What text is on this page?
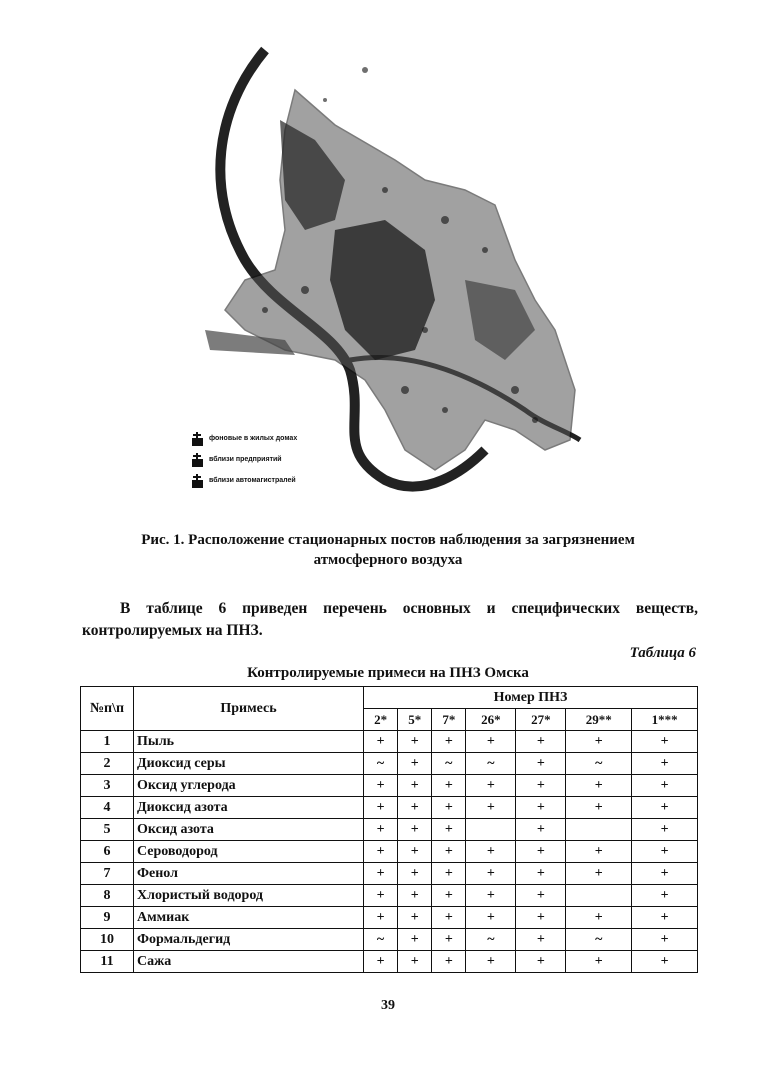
фоновые в жилых домах
вблизи предприятий
вблизи автомагистралей
Рис. 1. Расположение стационарных постов наблюдения за загрязнением
атмосферного воздуха
В таблице 6 приведен перечень основных и специфических веществ, контролируемых на ПНЗ.
Таблица 6
Контролируемые примеси на ПНЗ Омска
№п\п	Примесь	Номер ПНЗ						
		2*	5*	7*	26*	27*	29**	1***
1	Пыль	+	+	+	+	+	+	+
2	Диоксид серы	~	+	~	~	+	~	+
3	Оксид углерода	+	+	+	+	+	+	+
4	Диоксид азота	+	+	+	+	+	+	+
5	Оксид азота	+	+	+		+		+
6	Сероводород	+	+	+	+	+	+	+
7	Фенол	+	+	+	+	+	+	+
8	Хлористый водород	+	+	+	+	+		+
9	Аммиак	+	+	+	+	+	+	+
10	Формальдегид	~	+	+	~	+	~	+
11	Сажа	+	+	+	+	+	+	+
39
